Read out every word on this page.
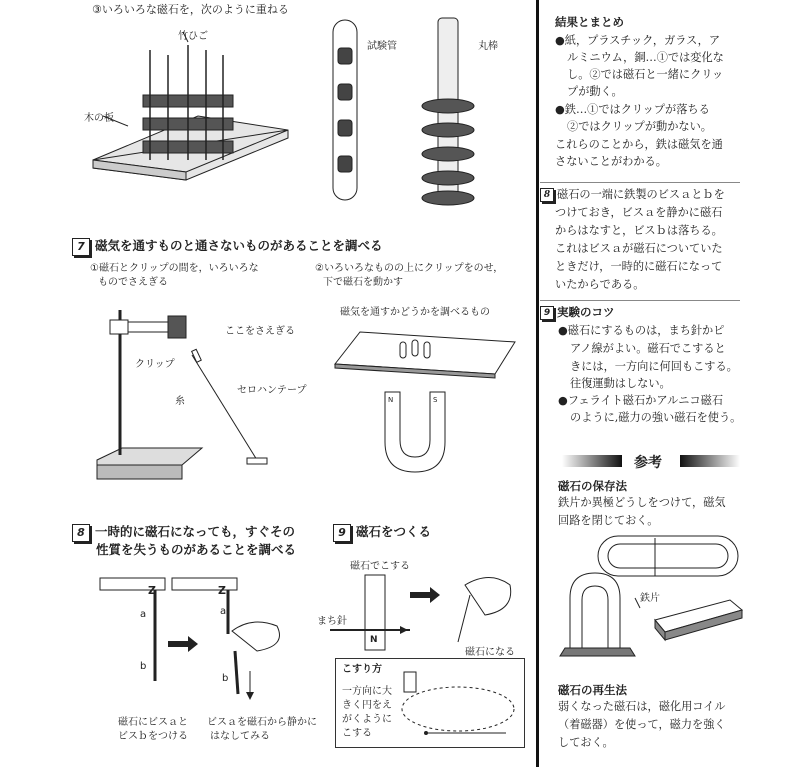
③いろいろな磁石を，次のように重ねる
竹ひご
木の板
試験管	丸棒
7 磁気を通すものと通さないものがあることを調べる
①磁石とクリップの間を，いろいろな
ものでさえぎる
②いろいろなものの上にクリップをのせ，
下で磁石を動かす
ここをさえぎる
クリップ
糸
セロハンテープ
磁気を通すかどうかを調べるもの
N	S
8 一時的に磁石になっても，すぐその
性質を失うものがあることを調べる
Z	Z
a
b
a
b
磁石にビスａと
ビスｂをつける
ビスａを磁石から静かに
はなしてみる
9 磁石をつくる
磁石でこする
N
まち針
磁石になる
こすり方
一方向に大
きく円をえ
がくように
こする
結果とまとめ
●紙，プラスチック，ガラス，ア
ルミニウム，銅…①では変化な
し。②では磁石と一緒にクリッ
プが動く。
●鉄…①ではクリップが落ちる
②ではクリップが動かない。
これらのことから，鉄は磁気を通
さないことがわかる。
8 磁石の一端に鉄製のビスａとｂを
つけておき，ビスａを静かに磁石
からはなすと，ビスｂは落ちる。
これはビスａが磁石についていた
ときだけ，一時的に磁石になって
いたからである。
9 実験のコツ
●磁石にするものは，まち針かピ
アノ線がよい。磁石でこすると
きには，一方向に何回もこする。
往復運動はしない。
●フェライト磁石かアルニコ磁石
のように,磁力の強い磁石を使う。
参考
磁石の保存法
鉄片か異極どうしをつけて，磁気
回路を閉じておく。
鉄片
磁石の再生法
弱くなった磁石は，磁化用コイル
（着磁器）を使って，磁力を強く
しておく。
